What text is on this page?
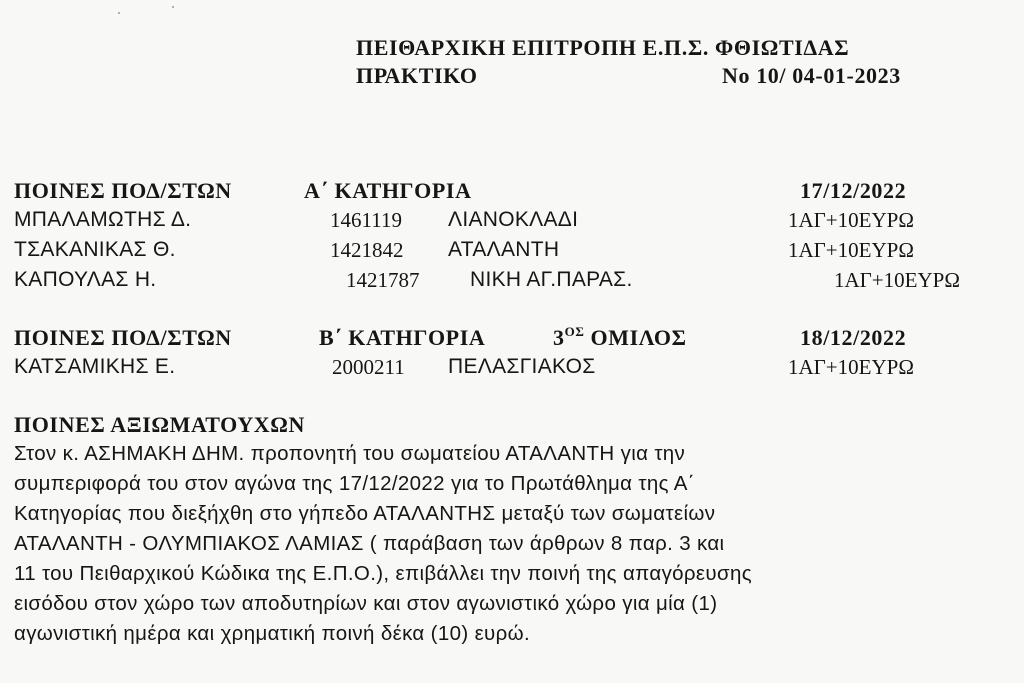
ΠΕΙΘΑΡΧΙΚΗ ΕΠΙΤΡΟΠΗ Ε.Π.Σ. ΦΘΙΩΤΙΔΑΣ
ΠΡΑΚΤΙΚΟ	Νο 10/ 04-01-2023
ΠΟΙΝΕΣ ΠΟΔ/ΣΤΩΝ	Α΄ ΚΑΤΗΓΟΡΙΑ	17/12/2022
ΜΠΑΛΑΜΩΤΗΣ Δ.	1461119 ΛΙΑΝΟΚΛΑΔΙ	1ΑΓ+10ΕΥΡΩ
ΤΣΑΚΑΝΙΚΑΣ Θ.	1421842 ΑΤΑΛΑΝΤΗ	1ΑΓ+10ΕΥΡΩ
ΚΑΠΟΥΛΑΣ Η.	1421787 ΝΙΚΗ ΑΓ.ΠΑΡΑΣ.	1ΑΓ+10ΕΥΡΩ
ΠΟΙΝΕΣ ΠΟΔ/ΣΤΩΝ	Β΄ ΚΑΤΗΓΟΡΙΑ	$3^{O\Sigma}$ ΟΜΙΛΟΣ	18/12/2022
ΚΑΤΣΑΜΙΚΗΣ Ε.	2000211 ΠΕΛΑΣΓΙΑΚΟΣ	1ΑΓ+10ΕΥΡΩ
ΠΟΙΝΕΣ ΑΞΙΩΜΑΤΟΥΧΩΝ
Στον κ. ΑΣΗΜΑΚΗ ΔΗΜ. προπονητή του σωματείου ΑΤΑΛΑΝΤΗ για την
συμπεριφορά του στον αγώνα της 17/12/2022 για το Πρωτάθλημα της Α΄
Κατηγορίας που διεξήχθη στο γήπεδο ΑΤΑΛΑΝΤΗΣ μεταξύ των σωματείων
ΑΤΑΛΑΝΤΗ - ΟΛΥΜΠΙΑΚΟΣ ΛΑΜΙΑΣ ( παράβαση των άρθρων 8 παρ. 3 και
11 του Πειθαρχικού Κώδικα της Ε.Π.Ο.), επιβάλλει την ποινή της απαγόρευσης
εισόδου στον χώρο των αποδυτηρίων και στον αγωνιστικό χώρο για μία (1)
αγωνιστική ημέρα και χρηματική ποινή δέκα (10) ευρώ.
